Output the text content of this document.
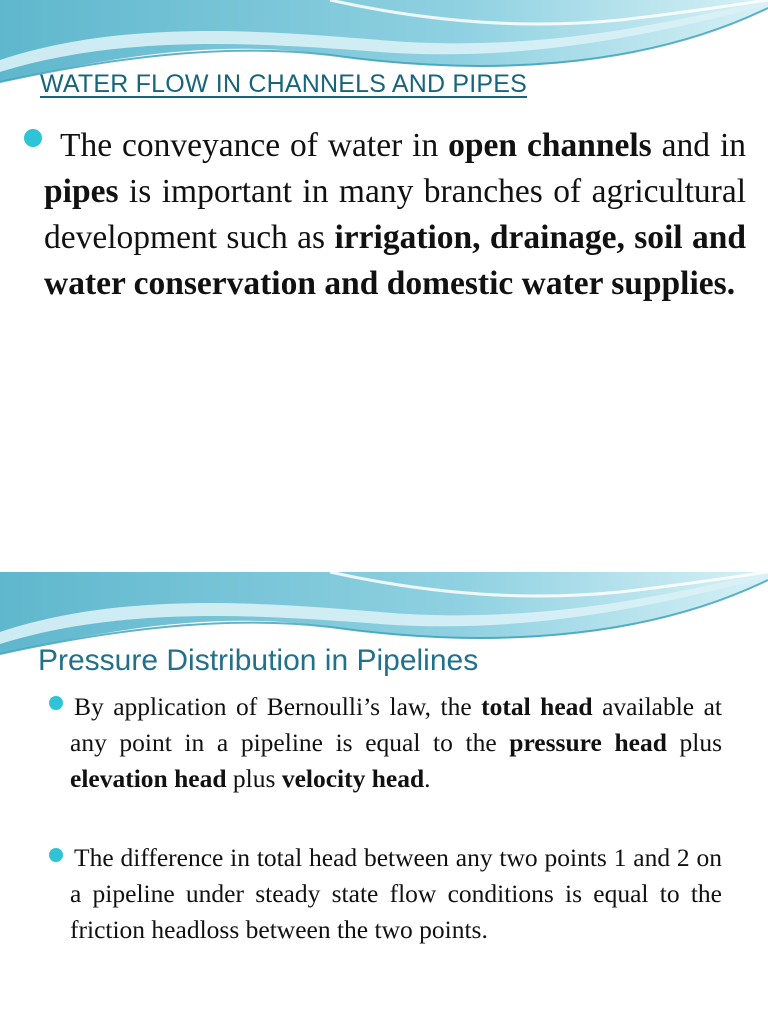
WATER FLOW IN CHANNELS AND PIPES

The conveyance of water in open channels and in pipes is important in many branches of agricultural development such as irrigation, drainage, soil and water conservation and domestic water supplies.

Pressure Distribution in Pipelines

By application of Bernoulli’s law, the total head available at any point in a pipeline is equal to the pressure head plus elevation head plus velocity head.

The difference in total head between any two points 1 and 2 on a pipeline under steady state flow conditions is equal to the friction headloss between the two points.
